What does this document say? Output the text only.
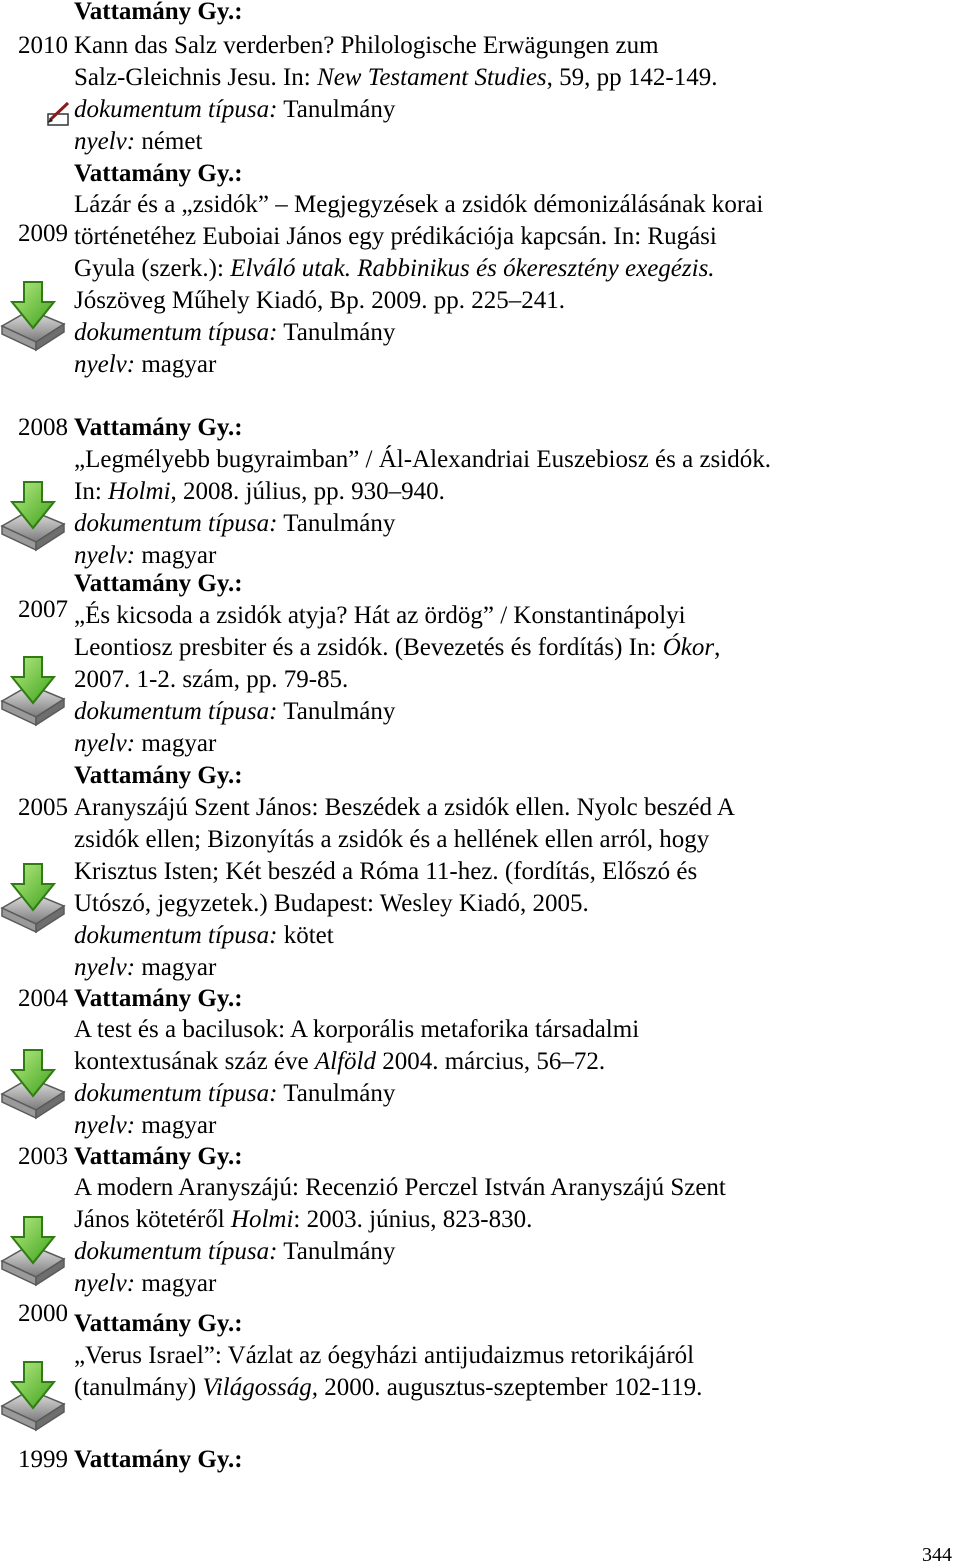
Vattamány Gy.:
2010 Kann das Salz verderben? Philologische Erwägungen zum
Salz-Gleichnis Jesu. In: New Testament Studies, 59, pp 142-149.
dokumentum típusa: Tanulmány
nyelv: német
2009
Vattamány Gy.:
Lázár és a „zsidók” – Megjegyzések a zsidók démonizálásának korai
történetéhez Euboiai János egy prédikációja kapcsán. In: Rugási
Gyula (szerk.): Elváló utak. Rabbinikus és ókeresztény exegézis.
Jószöveg Műhely Kiadó, Bp. 2009. pp. 225–241.
dokumentum típusa: Tanulmány
nyelv: magyar
2008 Vattamány Gy.:
„Legmélyebb bugyraimban” / Ál-Alexandriai Euszebiosz és a zsidók.
In: Holmi, 2008. július, pp. 930–940.
dokumentum típusa: Tanulmány
nyelv: magyar
2007
Vattamány Gy.:
„És kicsoda a zsidók atyja? Hát az ördög” / Konstantinápolyi
Leontiosz presbiter és a zsidók. (Bevezetés és fordítás) In: Ókor,
2007. 1-2. szám, pp. 79-85.
dokumentum típusa: Tanulmány
nyelv: magyar
2005
Vattamány Gy.:
Aranyszájú Szent János: Beszédek a zsidók ellen. Nyolc beszéd A
zsidók ellen; Bizonyítás a zsidók és a hellének ellen arról, hogy
Krisztus Isten; Két beszéd a Róma 11-hez. (fordítás, Előszó és
Utószó, jegyzetek.) Budapest: Wesley Kiadó, 2005.
dokumentum típusa: kötet
nyelv: magyar
2004 Vattamány Gy.:
A test és a bacilusok: A korporális metaforika társadalmi
kontextusának száz éve Alföld 2004. március, 56–72.
dokumentum típusa: Tanulmány
nyelv: magyar
2003 Vattamány Gy.:
A modern Aranyszájú: Recenzió Perczel István Aranyszájú Szent
János kötetéről Holmi: 2003. június, 823-830.
dokumentum típusa: Tanulmány
nyelv: magyar
2000 Vattamány Gy.:
„Verus Israel”: Vázlat az óegyházi antijudaizmus retorikájáról
(tanulmány) Világosság, 2000. augusztus-szeptember 102-119.
1999 Vattamány Gy.:
344
